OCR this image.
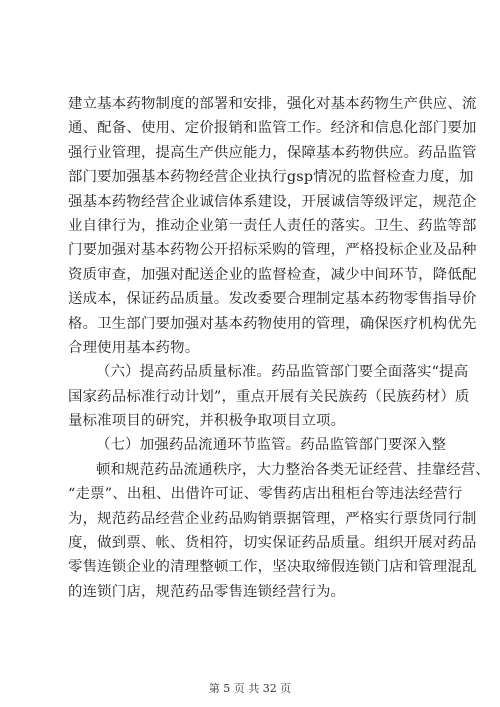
建立基本药物制度的部署和安排，强化对基本药物生产供应、流
通、配备、使用、定价报销和监管工作。经济和信息化部门要加
强行业管理，提高生产供应能力，保障基本药物供应。药品监管
部门要加强基本药物经营企业执行gsp情况的监督检查力度，加
强基本药物经营企业诚信体系建设，开展诚信等级评定，规范企
业自律行为，推动企业第一责任人责任的落实。卫生、药监等部
门要加强对基本药物公开招标采购的管理，严格投标企业及品种
资质审查，加强对配送企业的监督检查，减少中间环节，降低配
送成本，保证药品质量。发改委要合理制定基本药物零售指导价
格。卫生部门要加强对基本药物使用的管理，确保医疗机构优先
合理使用基本药物。
（六）提高药品质量标准。药品监管部门要全面落实“提高
国家药品标准行动计划”，重点开展有关民族药（民族药材）质
量标准项目的研究，并积极争取项目立项。
（七）加强药品流通环节监管。药品监管部门要深入整
顿和规范药品流通秩序，大力整治各类无证经营、挂靠经营、
“走票”、出租、出借许可证、零售药店出租柜台等违法经营行
为，规范药品经营企业药品购销票据管理，严格实行票货同行制
度，做到票、帐、货相符，切实保证药品质量。组织开展对药品
零售连锁企业的清理整顿工作，坚决取缔假连锁门店和管理混乱
的连锁门店，规范药品零售连锁经营行为。
第 5 页 共 32 页
